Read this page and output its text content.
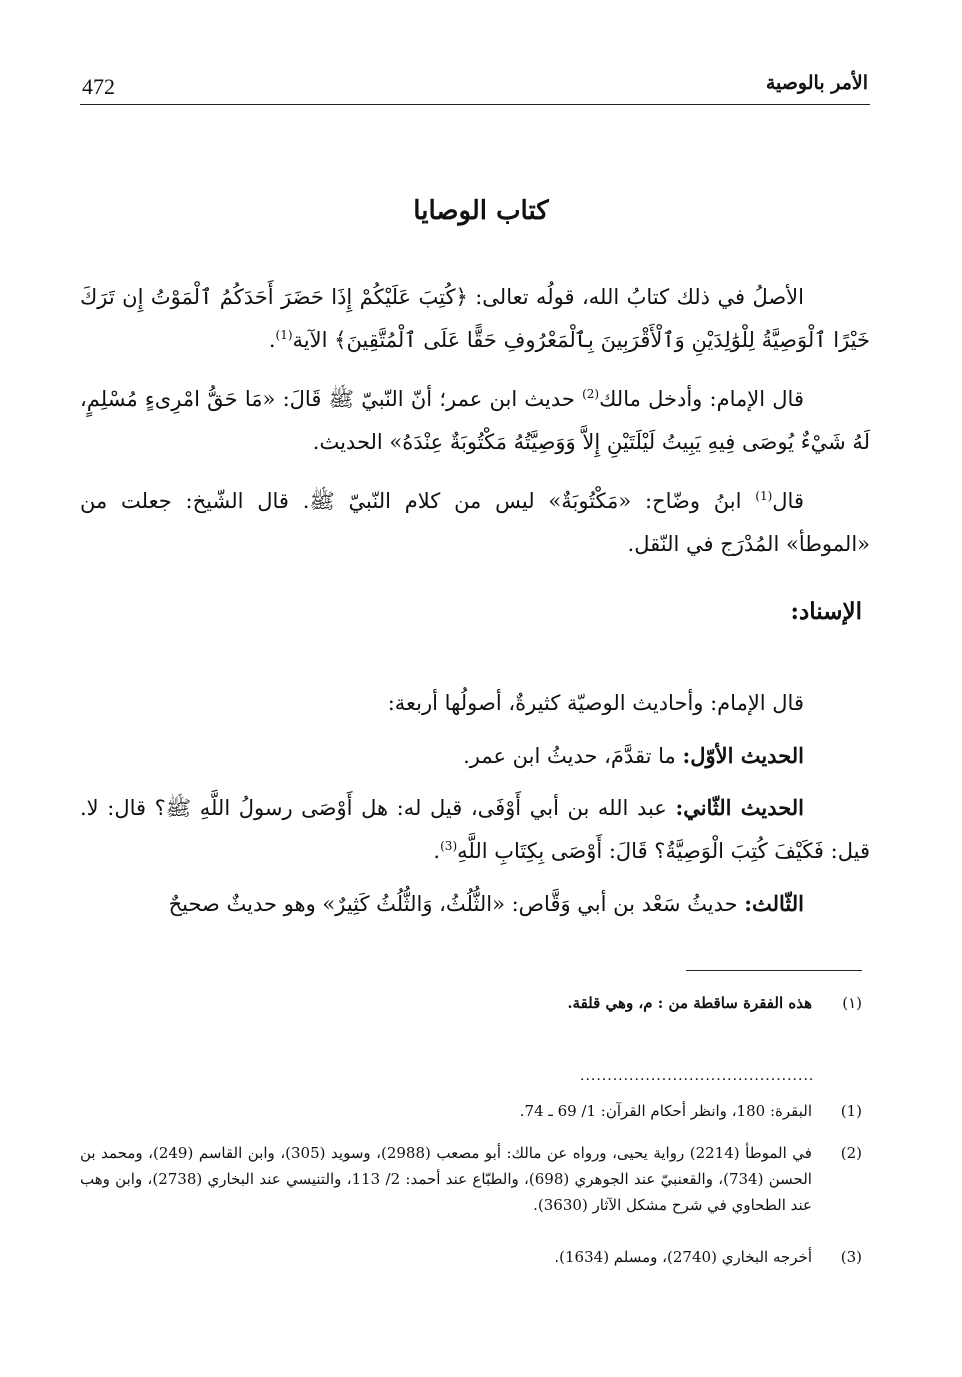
472	الأمر بالوصية
كتاب الوصايا
الأصلُ في ذلك كتابُ الله، قولُه تعالى: ﴿كُتِبَ عَلَيْكُمْ إِذَا حَضَرَ أَحَدَكُمُ ٱلْمَوْتُ إِن تَرَكَ خَيْرًا ٱلْوَصِيَّةُ لِلْوَٰلِدَيْنِ وَٱلْأَقْرَبِينَ بِٱلْمَعْرُوفِ حَقًّا عَلَى ٱلْمُتَّقِينَ﴾ الآية$^{(1)}$.
قال الإمام: وأدخل مالك$^{(2)}$ حديث ابن عمر؛ أنّ النّبيّ ﷺ قَالَ: «مَا حَقُّ امْرِىءٍ مُسْلِمٍ، لَهُ شَيْءٌ يُوصَى فِيهِ يَبِيتُ لَيْلَتَيْنِ إِلاَّ وَوَصِيَّتُهُ مَكْتُوبَةٌ عِنْدَهُ» الحديث.
قال$^{(1)}$ ابنُ وضّاح: «مَكْتُوبَةٌ» ليس من كلام النّبيّ ﷺ. قال الشّيخ: جعلت من «الموطأ» المُدْرَج في النّقل.
الإسناد:
قال الإمام: وأحاديث الوصيّة كثيرةٌ، أصولُها أربعة:
الحديث الأوّل: ما تقدَّمَ، حديثُ ابن عمر.
الحديث الثّاني: عبد الله بن أبي أَوْفَى، قيل له: هل أَوْصَى رسولُ اللَّهِ ﷺ؟ قال: لا. قيل: فَكَيْفَ كُتِبَ الْوَصِيَّةُ؟ قَالَ: أَوْصَى بِكِتَابِ اللَّهِ$^{(3)}$.
الثّالث: حديثُ سَعْد بن أبي وَقَّاص: «الثُّلُثُ، وَالثُّلُثُ كَثِيرٌ» وهو حديثٌ صحيحٌ
(١)
هذه الفقرة ساقطة من : م، وهي قلقة.
...........................................
(1)
البقرة: 180، وانظر أحكام القرآن: 1/ 69 ـ 74.
(2)
في الموطأ (2214) رواية يحيى، ورواه عن مالك: أبو مصعب (2988)، وسويد (305)، وابن القاسم (249)، ومحمد بن الحسن (734)، والقعنبيّ عند الجوهري (698)، والطبّاع عند أحمد: 2/ 113، والتنيسي عند البخاري (2738)، وابن وهب عند الطحاوي في شرح مشكل الآثار (3630).
(3)
أخرجه البخاري (2740)، ومسلم (1634).
